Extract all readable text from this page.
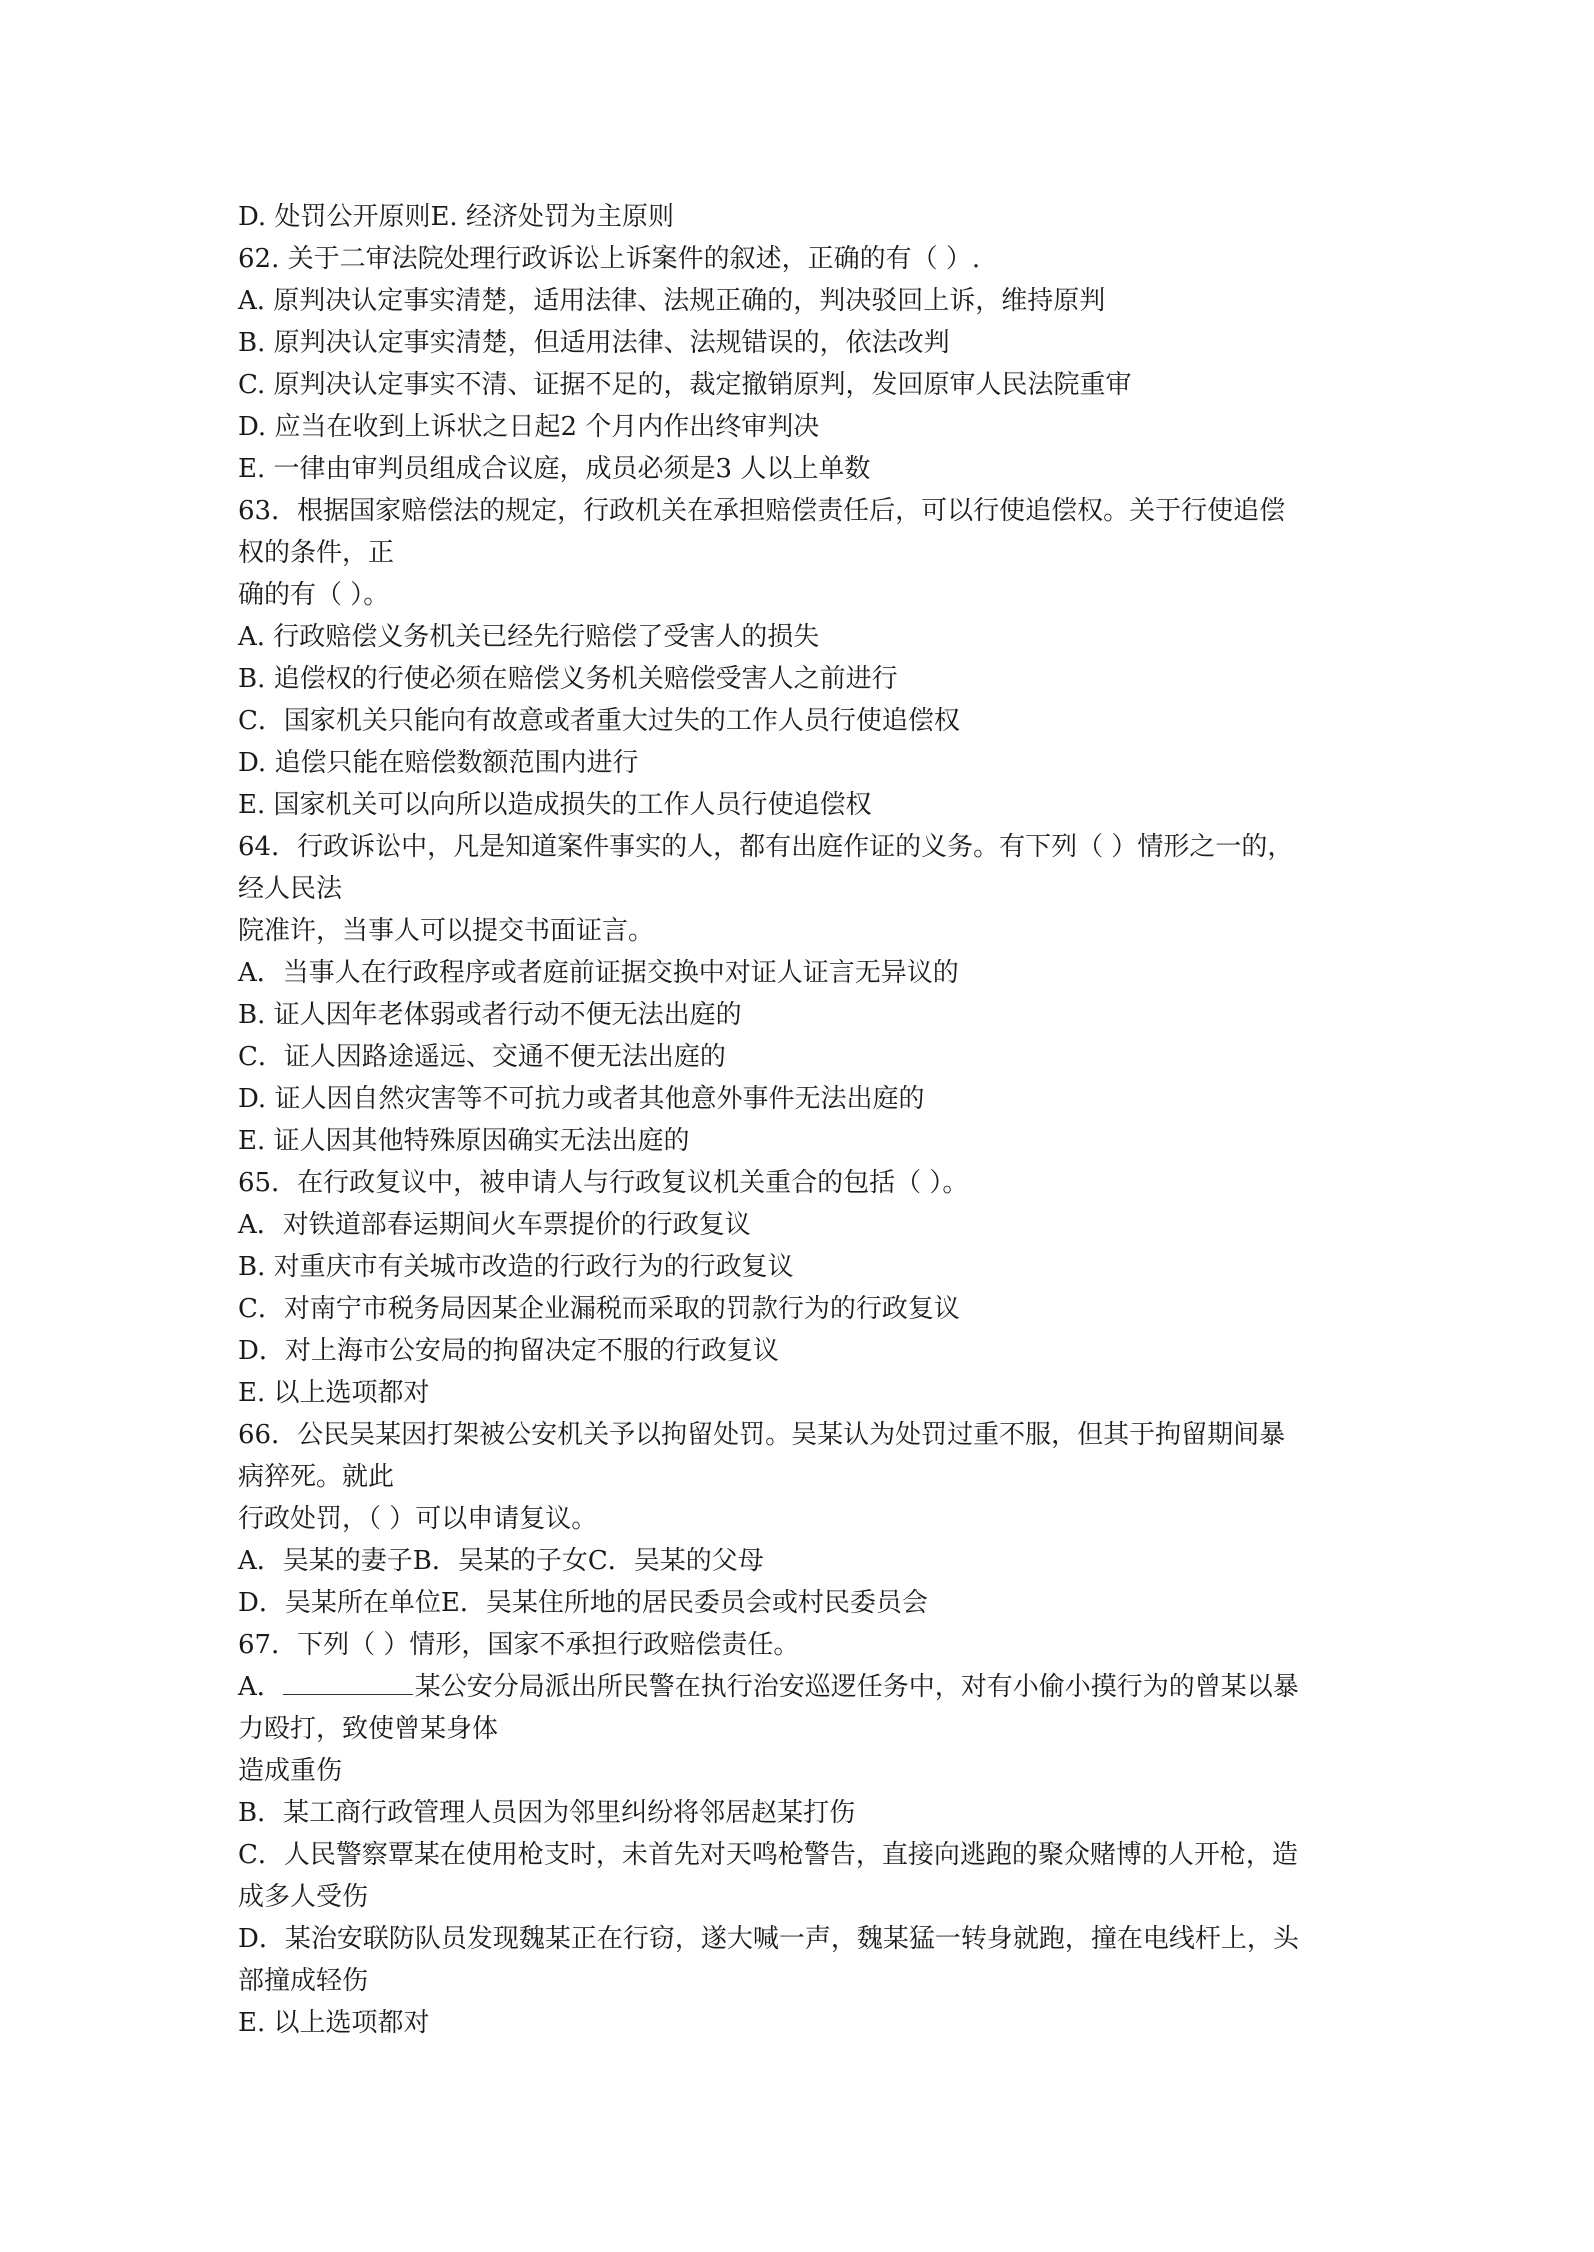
D. 处罚公开原则E. 经济处罚为主原则
62. 关于二审法院处理行政诉讼上诉案件的叙述，正确的有（ ）.
A. 原判决认定事实清楚，适用法律、法规正确的，判决驳回上诉，维持原判
B. 原判决认定事实清楚，但适用法律、法规错误的，依法改判
C. 原判决认定事实不清、证据不足的，裁定撤销原判，发回原审人民法院重审
D. 应当在收到上诉状之日起2 个月内作出终审判决
E. 一律由审判员组成合议庭，成员必须是3 人以上单数
63．根据国家赔偿法的规定，行政机关在承担赔偿责任后，可以行使追偿权。关于行使追偿
权的条件，正
确的有（ ）。
A. 行政赔偿义务机关已经先行赔偿了受害人的损失
B. 追偿权的行使必须在赔偿义务机关赔偿受害人之前进行
C．国家机关只能向有故意或者重大过失的工作人员行使追偿权
D. 追偿只能在赔偿数额范围内进行
E. 国家机关可以向所以造成损失的工作人员行使追偿权
64．行政诉讼中，凡是知道案件事实的人，都有出庭作证的义务。有下列（ ）情形之一的，
经人民法
院准许，当事人可以提交书面证言。
A．当事人在行政程序或者庭前证据交换中对证人证言无异议的
B. 证人因年老体弱或者行动不便无法出庭的
C．证人因路途遥远、交通不便无法出庭的
D. 证人因自然灾害等不可抗力或者其他意外事件无法出庭的
E. 证人因其他特殊原因确实无法出庭的
65．在行政复议中，被申请人与行政复议机关重合的包括（ ）。
A．对铁道部春运期间火车票提价的行政复议
B. 对重庆市有关城市改造的行政行为的行政复议
C．对南宁市税务局因某企业漏税而采取的罚款行为的行政复议
D．对上海市公安局的拘留决定不服的行政复议
E. 以上选项都对
66．公民吴某因打架被公安机关予以拘留处罚。吴某认为处罚过重不服，但其于拘留期间暴
病猝死。就此
行政处罚，（ ）可以申请复议。
A．吴某的妻子B．吴某的子女C．吴某的父母
D．吴某所在单位E．吴某住所地的居民委员会或村民委员会
67．下列（ ）情形，国家不承担行政赔偿责任。
A．	某公安分局派出所民警在执行治安巡逻任务中，对有小偷小摸行为的曾某以暴
力殴打，致使曾某身体
造成重伤
B．某工商行政管理人员因为邻里纠纷将邻居赵某打伤
C．人民警察覃某在使用枪支时，未首先对天鸣枪警告，直接向逃跑的聚众赌博的人开枪，造
成多人受伤
D．某治安联防队员发现魏某正在行窃，遂大喊一声，魏某猛一转身就跑，撞在电线杆上，头
部撞成轻伤
E. 以上选项都对
